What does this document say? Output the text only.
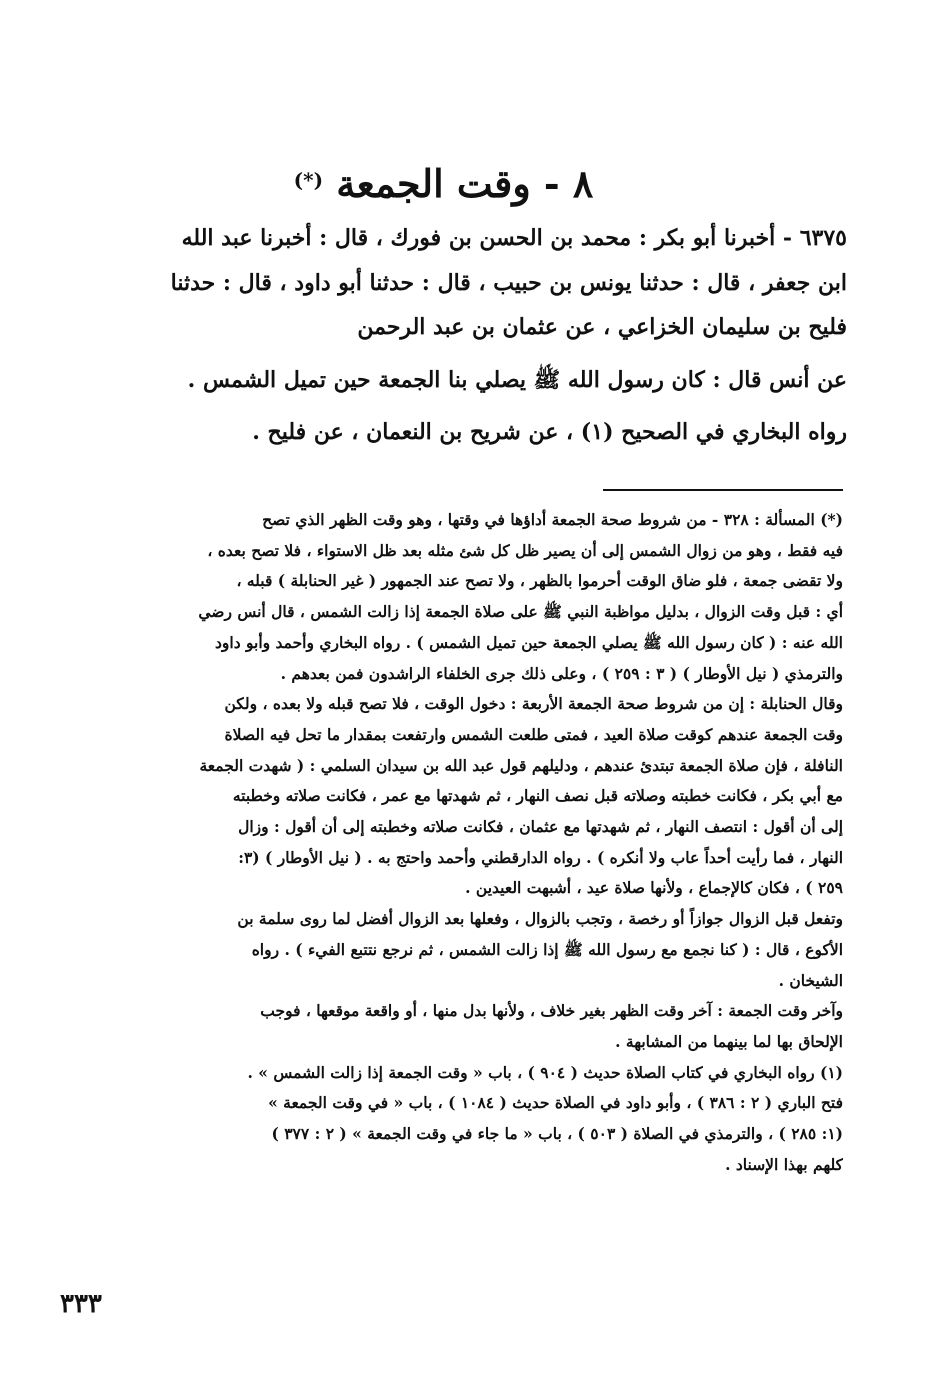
٨ - وقت الجمعة (*)
٦٣٧٥ - أخبرنا أبو بكر : محمد بن الحسن بن فورك ، قال : أخبرنا عبد الله
ابن جعفر ، قال : حدثنا يونس بن حبيب ، قال : حدثنا أبو داود ، قال : حدثنا
فليح بن سليمان الخزاعي ، عن عثمان بن عبد الرحمن
عن أنس قال : كان رسول الله ﷺ يصلي بنا الجمعة حين تميل الشمس .
رواه البخاري في الصحيح (١) ، عن شريح بن النعمان ، عن فليح .
(*) المسألة : ٣٢٨ - من شروط صحة الجمعة أداؤها في وقتها ، وهو وقت الظهر الذي تصح
فيه فقط ، وهو من زوال الشمس إلى أن يصير ظل كل شئ مثله بعد ظل الاستواء ، فلا تصح بعده ،
ولا تقضى جمعة ، فلو ضاق الوقت أحرموا بالظهر ، ولا تصح عند الجمهور ( غير الحنابلة ) قبله ،
أي : قبل وقت الزوال ، بدليل مواظبة النبي ﷺ على صلاة الجمعة إذا زالت الشمس ، قال أنس رضي
الله عنه : ( كان رسول الله ﷺ يصلي الجمعة حين تميل الشمس ) . رواه البخاري وأحمد وأبو داود
والترمذي ( نيل الأوطار ) ( ٣ : ٢٥٩ ) ، وعلى ذلك جرى الخلفاء الراشدون فمن بعدهم .
وقال الحنابلة : إن من شروط صحة الجمعة الأربعة : دخول الوقت ، فلا تصح قبله ولا بعده ، ولكن
وقت الجمعة عندهم كوقت صلاة العيد ، فمتى طلعت الشمس وارتفعت بمقدار ما تحل فيه الصلاة
النافلة ، فإن صلاة الجمعة تبتدئ عندهم ، ودليلهم قول عبد الله بن سيدان السلمي : ( شهدت الجمعة
مع أبي بكر ، فكانت خطبته وصلاته قبل نصف النهار ، ثم شهدتها مع عمر ، فكانت صلاته وخطبته
إلى أن أقول : انتصف النهار ، ثم شهدتها مع عثمان ، فكانت صلاته وخطبته إلى أن أقول : وزال
النهار ، فما رأيت أحداً عاب ولا أنكره ) . رواه الدارقطني وأحمد واحتج به . ( نيل الأوطار ) (٣:
٢٥٩ ) ، فكان كالإجماع ، ولأنها صلاة عيد ، أشبهت العيدين .
وتفعل قبل الزوال جوازاً أو رخصة ، وتجب بالزوال ، وفعلها بعد الزوال أفضل لما روى سلمة بن
الأكوع ، قال : ( كنا نجمع مع رسول الله ﷺ إذا زالت الشمس ، ثم نرجع نتتبع الفيء ) . رواه
الشيخان .
وآخر وقت الجمعة : آخر وقت الظهر بغير خلاف ، ولأنها بدل منها ، أو واقعة موقعها ، فوجب
الإلحاق بها لما بينهما من المشابهة .
(١) رواه البخاري في كتاب الصلاة حديث ( ٩٠٤ ) ، باب « وقت الجمعة إذا زالت الشمس » .
فتح الباري ( ٢ : ٣٨٦ ) ، وأبو داود في الصلاة حديث ( ١٠٨٤ ) ، باب « في وقت الجمعة »
(١: ٢٨٥ ) ، والترمذي في الصلاة ( ٥٠٣ ) ، باب « ما جاء في وقت الجمعة » ( ٢ : ٣٧٧ )
كلهم بهذا الإسناد .
٣٣٣
